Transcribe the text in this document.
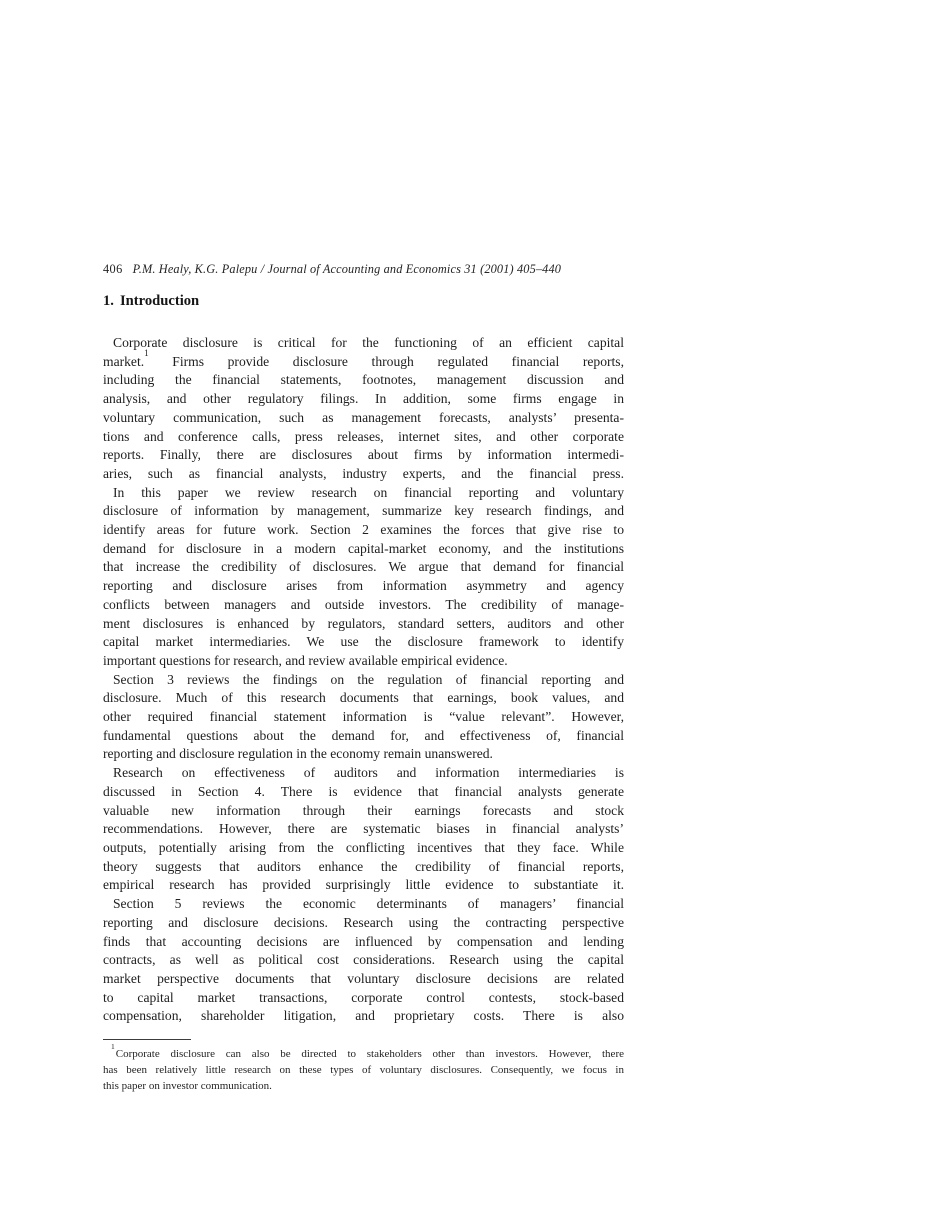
406 P.M. Healy, K.G. Palepu / Journal of Accounting and Economics 31 (2001) 405–440
1. Introduction
Corporate disclosure is critical for the functioning of an efficient capital
market.$^1$ Firms provide disclosure through regulated financial reports,
including the financial statements, footnotes, management discussion and
analysis, and other regulatory filings. In addition, some firms engage in
voluntary communication, such as management forecasts, analysts’ presenta-
tions and conference calls, press releases, internet sites, and other corporate
reports. Finally, there are disclosures about firms by information intermedi-
aries, such as financial analysts, industry experts, and the financial press.
In this paper we review research on financial reporting and voluntary
disclosure of information by management, summarize key research findings, and
identify areas for future work. Section 2 examines the forces that give rise to
demand for disclosure in a modern capital-market economy, and the institutions
that increase the credibility of disclosures. We argue that demand for financial
reporting and disclosure arises from information asymmetry and agency
conflicts between managers and outside investors. The credibility of manage-
ment disclosures is enhanced by regulators, standard setters, auditors and other
capital market intermediaries. We use the disclosure framework to identify
important questions for research, and review available empirical evidence.
Section 3 reviews the findings on the regulation of financial reporting and
disclosure. Much of this research documents that earnings, book values, and
other required financial statement information is “value relevant”. However,
fundamental questions about the demand for, and effectiveness of, financial
reporting and disclosure regulation in the economy remain unanswered.
Research on effectiveness of auditors and information intermediaries is
discussed in Section 4. There is evidence that financial analysts generate
valuable new information through their earnings forecasts and stock
recommendations. However, there are systematic biases in financial analysts’
outputs, potentially arising from the conflicting incentives that they face. While
theory suggests that auditors enhance the credibility of financial reports,
empirical research has provided surprisingly little evidence to substantiate it.
Section 5 reviews the economic determinants of managers’ financial
reporting and disclosure decisions. Research using the contracting perspective
finds that accounting decisions are influenced by compensation and lending
contracts, as well as political cost considerations. Research using the capital
market perspective documents that voluntary disclosure decisions are related
to capital market transactions, corporate control contests, stock-based
compensation, shareholder litigation, and proprietary costs. There is also
$^1$Corporate disclosure can also be directed to stakeholders other than investors. However, there
has been relatively little research on these types of voluntary disclosures. Consequently, we focus in
this paper on investor communication.
